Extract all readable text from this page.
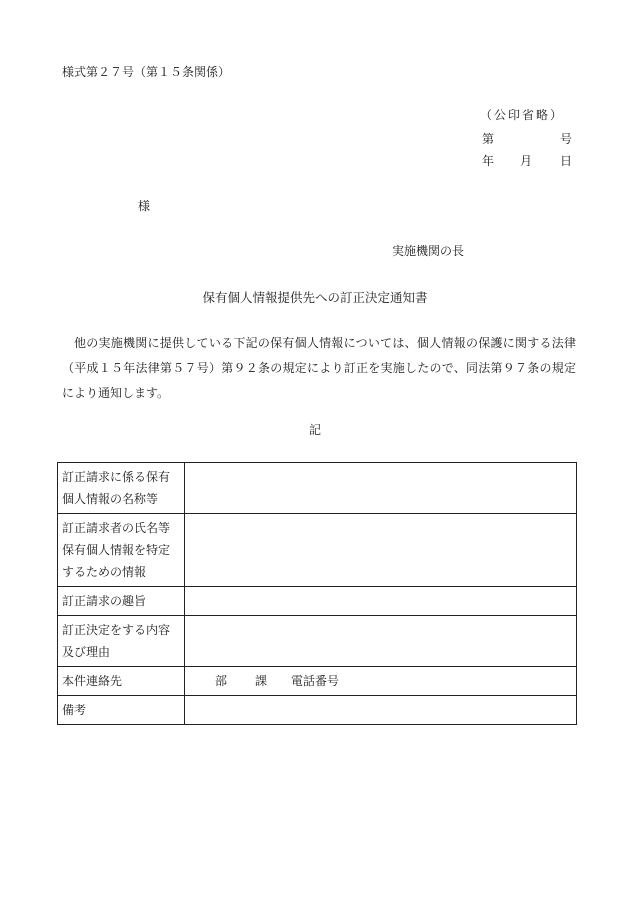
様式第２７号（第１５条関係）
（公印省略）
第	号
年 月 日
様
実施機関の長
保有個人情報提供先への訂正決定通知書
他の実施機関に提供している下記の保有個人情報については、個人情報の保護に関する法律（平成１５年法律第５７号）第９２条の規定により訂正を実施したので、同法第９７条の規定により通知します。
記
訂正請求に係る保有
個人情報の名称等	

訂正請求者の氏名等
保有個人情報を特定
するための情報	

訂正請求の趣旨	

訂正決定をする内容
及び理由	

本件連絡先	部 課 電話番号

備考	
